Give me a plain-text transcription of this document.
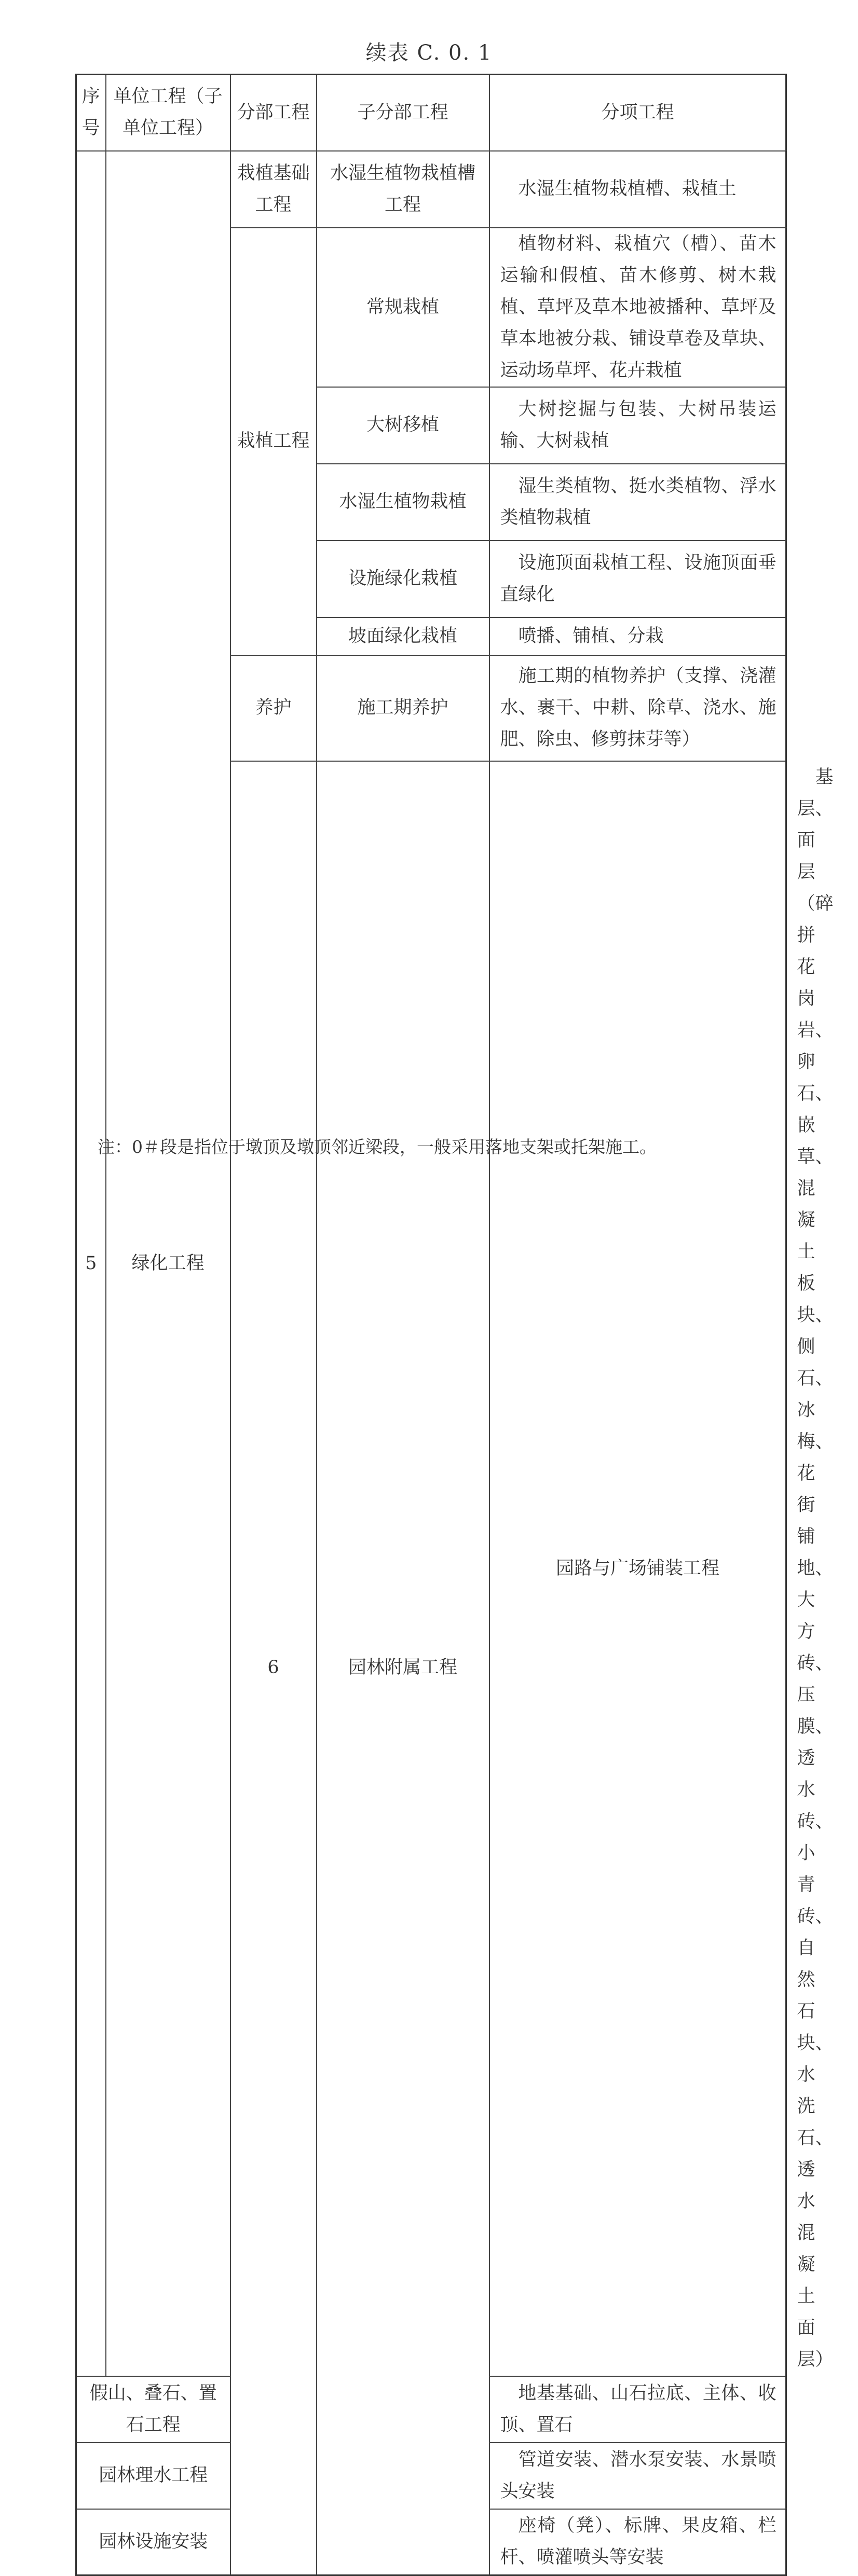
续表 C. 0. 1
序号	单位工程（子单位工程）	分部工程	子分部工程	分项工程	
5	绿化工程	栽植基础工程	水湿生植物栽植槽工程	水湿生植物栽植槽、栽植土	

		栽植工程	常规栽植	植物材料、栽植穴（槽）、苗木运输和假植、苗木修剪、树木栽植、草坪及草本地被播种、草坪及草本地被分栽、铺设草卷及草块、运动场草坪、花卉栽植	

			大树移植	大树挖掘与包装、大树吊装运输、大树栽植	

			水湿生植物栽植	湿生类植物、挺水类植物、浮水类植物栽植	

			设施绿化栽植	设施顶面栽植工程、设施顶面垂直绿化	

			坡面绿化栽植	喷播、铺植、分栽	

		养护	施工期养护	施工期的植物养护（支撑、浇灌水、裹干、中耕、除草、浇水、施肥、除虫、修剪抹芽等）	

		6	园林附属工程	园路与广场铺装工程	基层、面层（碎拼花岗岩、卵石、嵌草、混凝土板块、侧石、冰梅、花街铺地、大方砖、压膜、透水砖、小青砖、自然石块、水洗石、透水混凝土面层）

假山、叠石、置石工程				地基基础、山石拉底、主体、收顶、置石	

园林理水工程				管道安装、潜水泵安装、水景喷头安装	

园林设施安装				座椅（凳）、标牌、果皮箱、栏杆、喷灌喷头等安装	
注：0＃段是指位于墩顶及墩顶邻近梁段，一般采用落地支架或托架施工。
